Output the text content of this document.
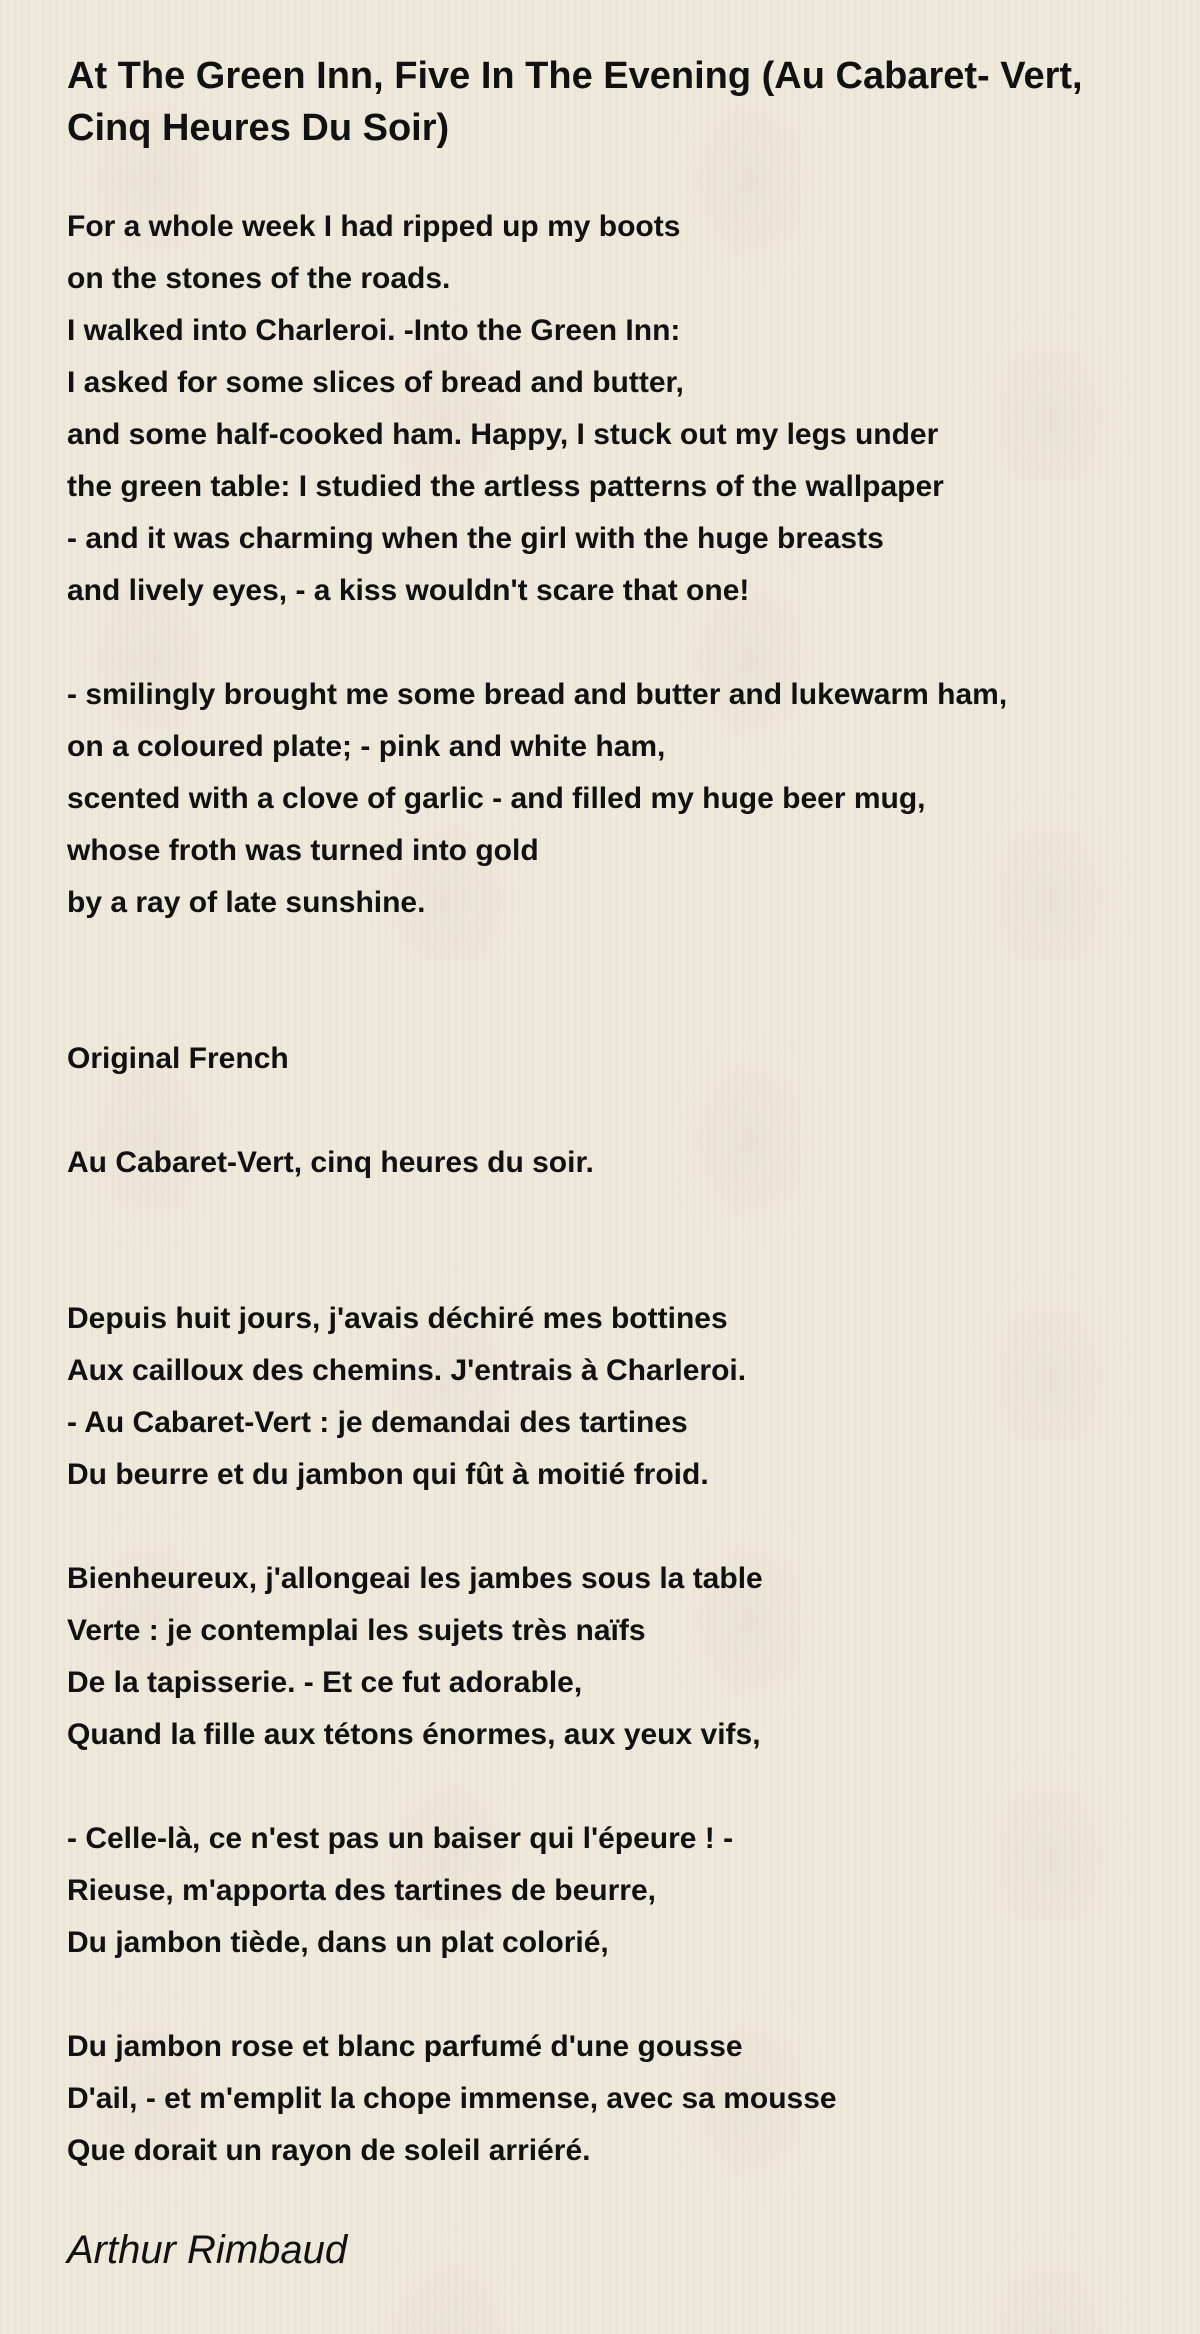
At The Green Inn, Five In The Evening (Au Cabaret- Vert, Cinq Heures Du Soir)
For a whole week I had ripped up my boots
on the stones of the roads.
I walked into Charleroi. -Into the Green Inn:
I asked for some slices of bread and butter,
and some half-cooked ham. Happy, I stuck out my legs under
the green table: I studied the artless patterns of the wallpaper
- and it was charming when the girl with the huge breasts
and lively eyes, - a kiss wouldn't scare that one!
- smilingly brought me some bread and butter and lukewarm ham,
on a coloured plate; - pink and white ham,
scented with a clove of garlic - and filled my huge beer mug,
whose froth was turned into gold
by a ray of late sunshine.
Original French
Au Cabaret-Vert, cinq heures du soir.
Depuis huit jours, j'avais déchiré mes bottines
Aux cailloux des chemins. J'entrais à Charleroi.
- Au Cabaret-Vert : je demandai des tartines
Du beurre et du jambon qui fût à moitié froid.
Bienheureux, j'allongeai les jambes sous la table
Verte : je contemplai les sujets très naïfs
De la tapisserie. - Et ce fut adorable,
Quand la fille aux tétons énormes, aux yeux vifs,
- Celle-là, ce n'est pas un baiser qui l'épeure ! -
Rieuse, m'apporta des tartines de beurre,
Du jambon tiède, dans un plat colorié,
Du jambon rose et blanc parfumé d'une gousse
D'ail, - et m'emplit la chope immense, avec sa mousse
Que dorait un rayon de soleil arriéré.
Arthur Rimbaud
